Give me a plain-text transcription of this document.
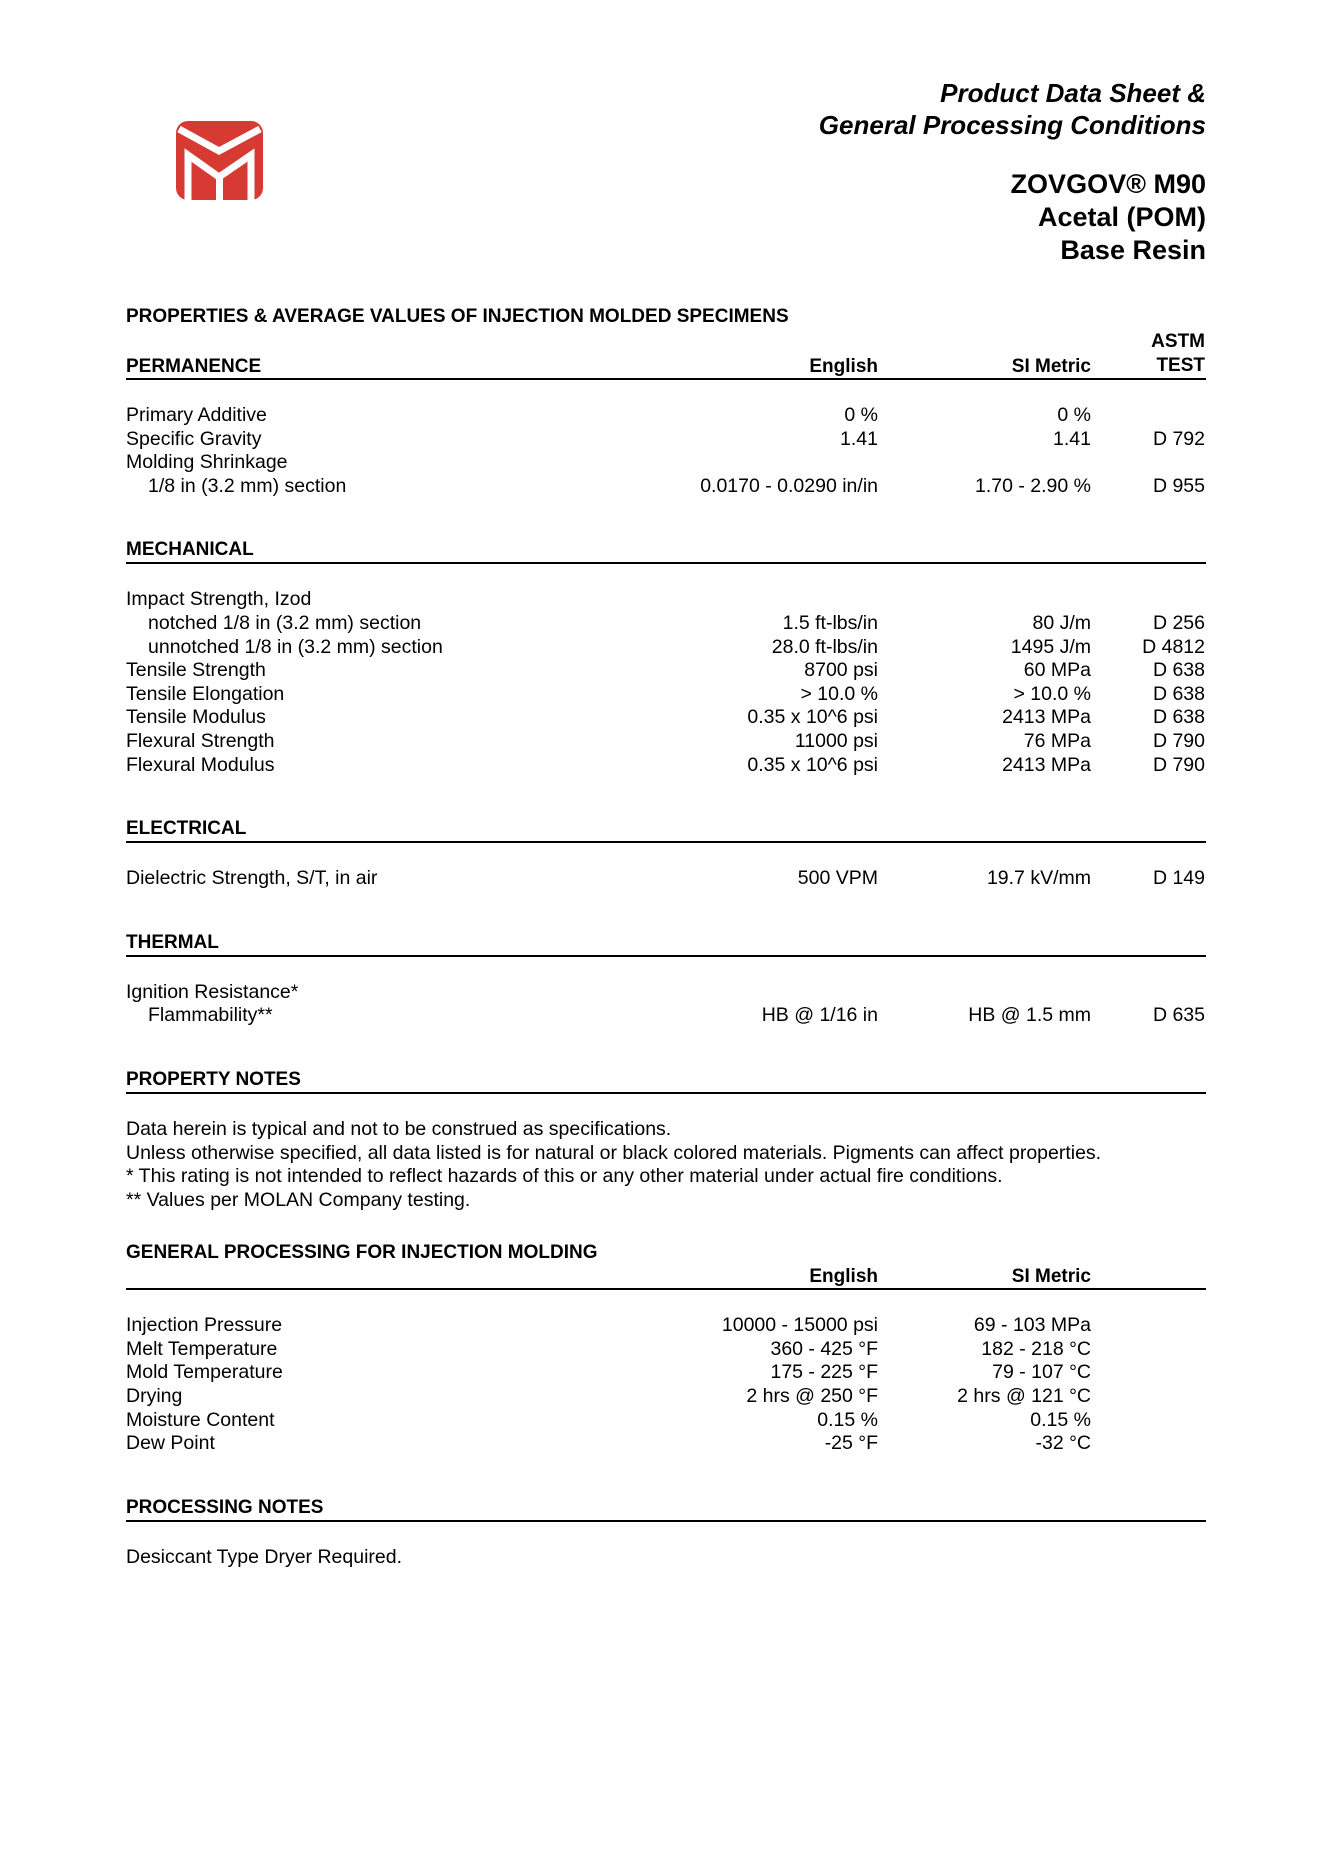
Product Data Sheet &
General Processing Conditions
ZOVGOV® M90
Acetal (POM)
Base Resin
PROPERTIES & AVERAGE VALUES OF INJECTION MOLDED SPECIMENS
PERMANENCE	English	SI Metric
ASTM
TEST
Primary Additive	0 %	0 %
Specific Gravity	1.41	1.41	D 792
Molding Shrinkage
1/8 in (3.2 mm) section	0.0170 - 0.0290 in/in	1.70 - 2.90 %	D 955
MECHANICAL
Impact Strength, Izod
notched 1/8 in (3.2 mm) section	1.5 ft-lbs/in	80 J/m	D 256
unnotched 1/8 in (3.2 mm) section	28.0 ft-lbs/in	1495 J/m	D 4812
Tensile Strength	8700 psi	60 MPa	D 638
Tensile Elongation	> 10.0 %	> 10.0 %	D 638
Tensile Modulus	0.35 x 10^6 psi	2413 MPa	D 638
Flexural Strength	11000 psi	76 MPa	D 790
Flexural Modulus	0.35 x 10^6 psi	2413 MPa	D 790
ELECTRICAL
Dielectric Strength, S/T, in air	500 VPM	19.7 kV/mm	D 149
THERMAL
Ignition Resistance*
Flammability**	HB @ 1/16 in	HB @ 1.5 mm	D 635
PROPERTY NOTES
Data herein is typical and not to be construed as specifications.
Unless otherwise specified, all data listed is for natural or black colored materials. Pigments can affect properties.
* This rating is not intended to reflect hazards of this or any other material under actual fire conditions.
** Values per MOLAN Company testing.
GENERAL PROCESSING FOR INJECTION MOLDING
English	SI Metric
Injection Pressure	10000 - 15000 psi	69 - 103 MPa
Melt Temperature	360 - 425 °F	182 - 218 °C
Mold Temperature	175 - 225 °F	79 - 107 °C
Drying	2 hrs @ 250 °F	2 hrs @ 121 °C
Moisture Content	0.15 %	0.15 %
Dew Point	-25 °F	-32 °C
PROCESSING NOTES
Desiccant Type Dryer Required.
